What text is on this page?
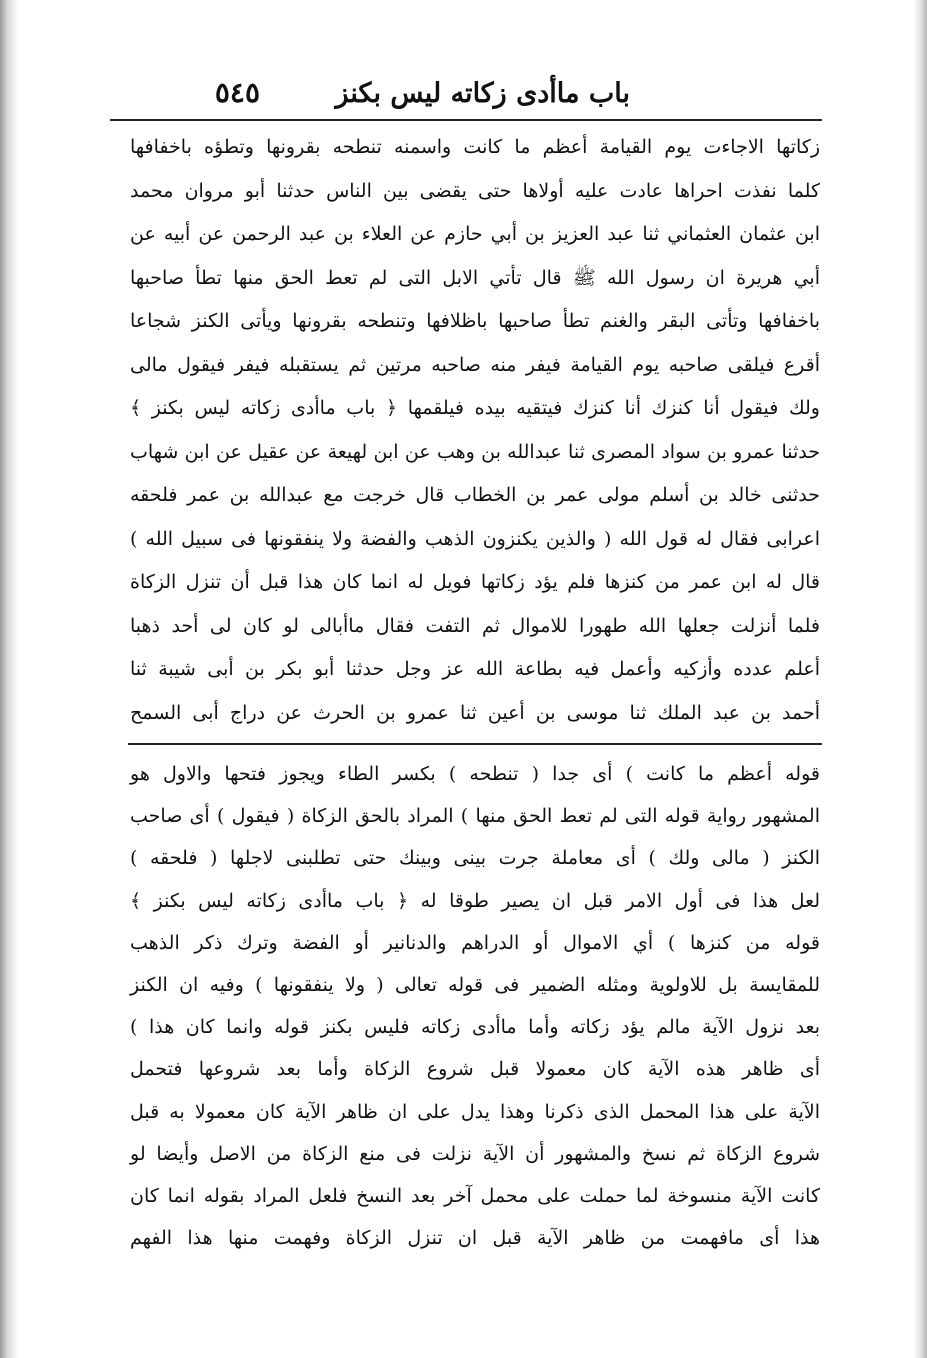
باب ماأدى زكاته ليس بكنز
٥٤٥
زكاتها الاجاءت يوم القيامة أعظم ما كانت واسمنه تنطحه بقرونها وتطؤه باخفافها
كلما نفذت احراها عادت عليه أولاها حتى يقضى بين الناس حدثنا أبو مروان محمد
ابن عثمان العثماني ثنا عبد العزيز بن أبي حازم عن العلاء بن عبد الرحمن عن أبيه عن
أبي هريرة ان رسول الله ﷺ قال تأتي الابل التى لم تعط الحق منها تطأ صاحبها
باخفافها وتأتى البقر والغنم تطأ صاحبها باظلافها وتنطحه بقرونها ويأتى الكنز شجاعا
أقرع فيلقى صاحبه يوم القيامة فيفر منه صاحبه مرتين ثم يستقبله فيفر فيقول مالى
ولك فيقول أنا كنزك أنا كنزك فيتقيه بيده فيلقمها ﴿ باب ماأدى زكاته ليس بكنز ﴾
حدثنا عمرو بن سواد المصرى ثنا عبدالله بن وهب عن ابن لهيعة عن عقيل عن ابن شهاب
حدثنى خالد بن أسلم مولى عمر بن الخطاب قال خرجت مع عبدالله بن عمر فلحقه
اعرابى فقال له قول الله ( والذين يكنزون الذهب والفضة ولا ينفقونها فى سبيل الله )
قال له ابن عمر من كنزها فلم يؤد زكاتها فويل له انما كان هذا قبل أن تنزل الزكاة
فلما أنزلت جعلها الله طهورا للاموال ثم التفت فقال ماأبالى لو كان لى أحد ذهبا
أعلم عدده وأزكيه وأعمل فيه بطاعة الله عز وجل حدثنا أبو بكر بن أبى شيبة ثنا
أحمد بن عبد الملك ثنا موسى بن أعين ثنا عمرو بن الحرث عن دراج أبى السمح
قوله أعظم ما كانت ) أى جدا ( تنطحه ) بكسر الطاء ويجوز فتحها والاول هو
المشهور رواية قوله التى لم تعط الحق منها ) المراد بالحق الزكاة ( فيقول ) أى صاحب
الكنز ( مالى ولك ) أى معاملة جرت بينى وبينك حتى تطلبنى لاجلها ( فلحقه )
لعل هذا فى أول الامر قبل ان يصير طوقا له ﴿ باب ماأدى زكاته ليس بكنز ﴾
قوله من كنزها ) أي الاموال أو الدراهم والدنانير أو الفضة وترك ذكر الذهب
للمقايسة بل للاولوية ومثله الضمير فى قوله تعالى ( ولا ينفقونها ) وفيه ان الكنز
بعد نزول الآية مالم يؤد زكاته وأما ماأدى زكاته فليس بكنز قوله وانما كان هذا )
أى ظاهر هذه الآية كان معمولا قبل شروع الزكاة وأما بعد شروعها فتحمل
الآية على هذا المحمل الذى ذكرنا وهذا يدل على ان ظاهر الآية كان معمولا به قبل
شروع الزكاة ثم نسخ والمشهور أن الآية نزلت فى منع الزكاة من الاصل وأيضا لو
كانت الآية منسوخة لما حملت على محمل آخر بعد النسخ فلعل المراد بقوله انما كان
هذا أى مافهمت من ظاهر الآية قبل ان تنزل الزكاة وفهمت منها هذا الفهم
